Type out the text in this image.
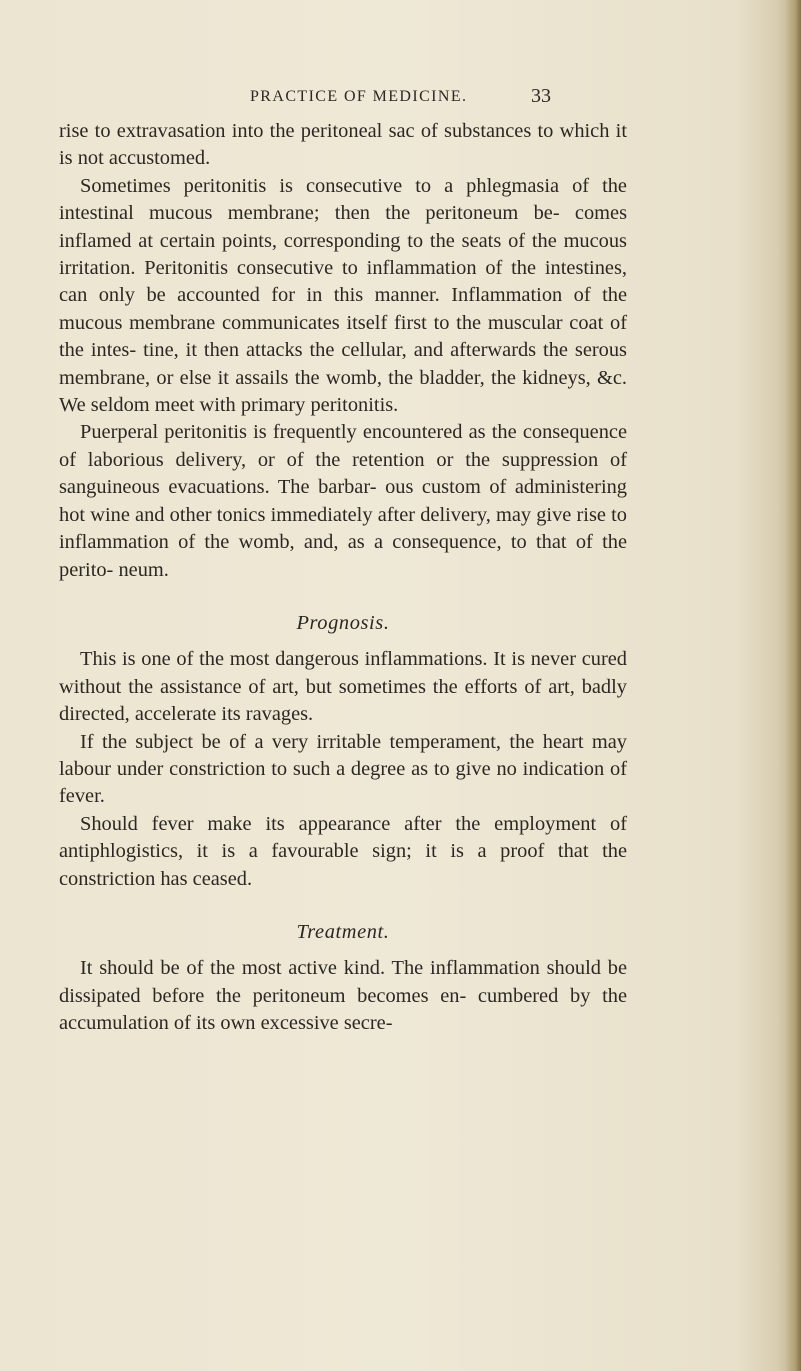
PRACTICE OF MEDICINE.	33

rise to extravasation into the peritoneal sac of substances to which it is not accustomed.

Sometimes peritonitis is consecutive to a phlegmasia of the intestinal mucous membrane; then the peritoneum be- comes inflamed at certain points, corresponding to the seats of the mucous irritation. Peritonitis consecutive to inflammation of the intestines, can only be accounted for in this manner. Inflammation of the mucous membrane communicates itself first to the muscular coat of the intes- tine, it then attacks the cellular, and afterwards the serous membrane, or else it assails the womb, the bladder, the kidneys, &c. We seldom meet with primary peritonitis.

Puerperal peritonitis is frequently encountered as the consequence of laborious delivery, or of the retention or the suppression of sanguineous evacuations. The barbar- ous custom of administering hot wine and other tonics immediately after delivery, may give rise to inflammation of the womb, and, as a consequence, to that of the perito- neum.

Prognosis.

This is one of the most dangerous inflammations. It is never cured without the assistance of art, but sometimes the efforts of art, badly directed, accelerate its ravages.

If the subject be of a very irritable temperament, the heart may labour under constriction to such a degree as to give no indication of fever.

Should fever make its appearance after the employment of antiphlogistics, it is a favourable sign; it is a proof that the constriction has ceased.

Treatment.

It should be of the most active kind. The inflammation should be dissipated before the peritoneum becomes en- cumbered by the accumulation of its own excessive secre-
